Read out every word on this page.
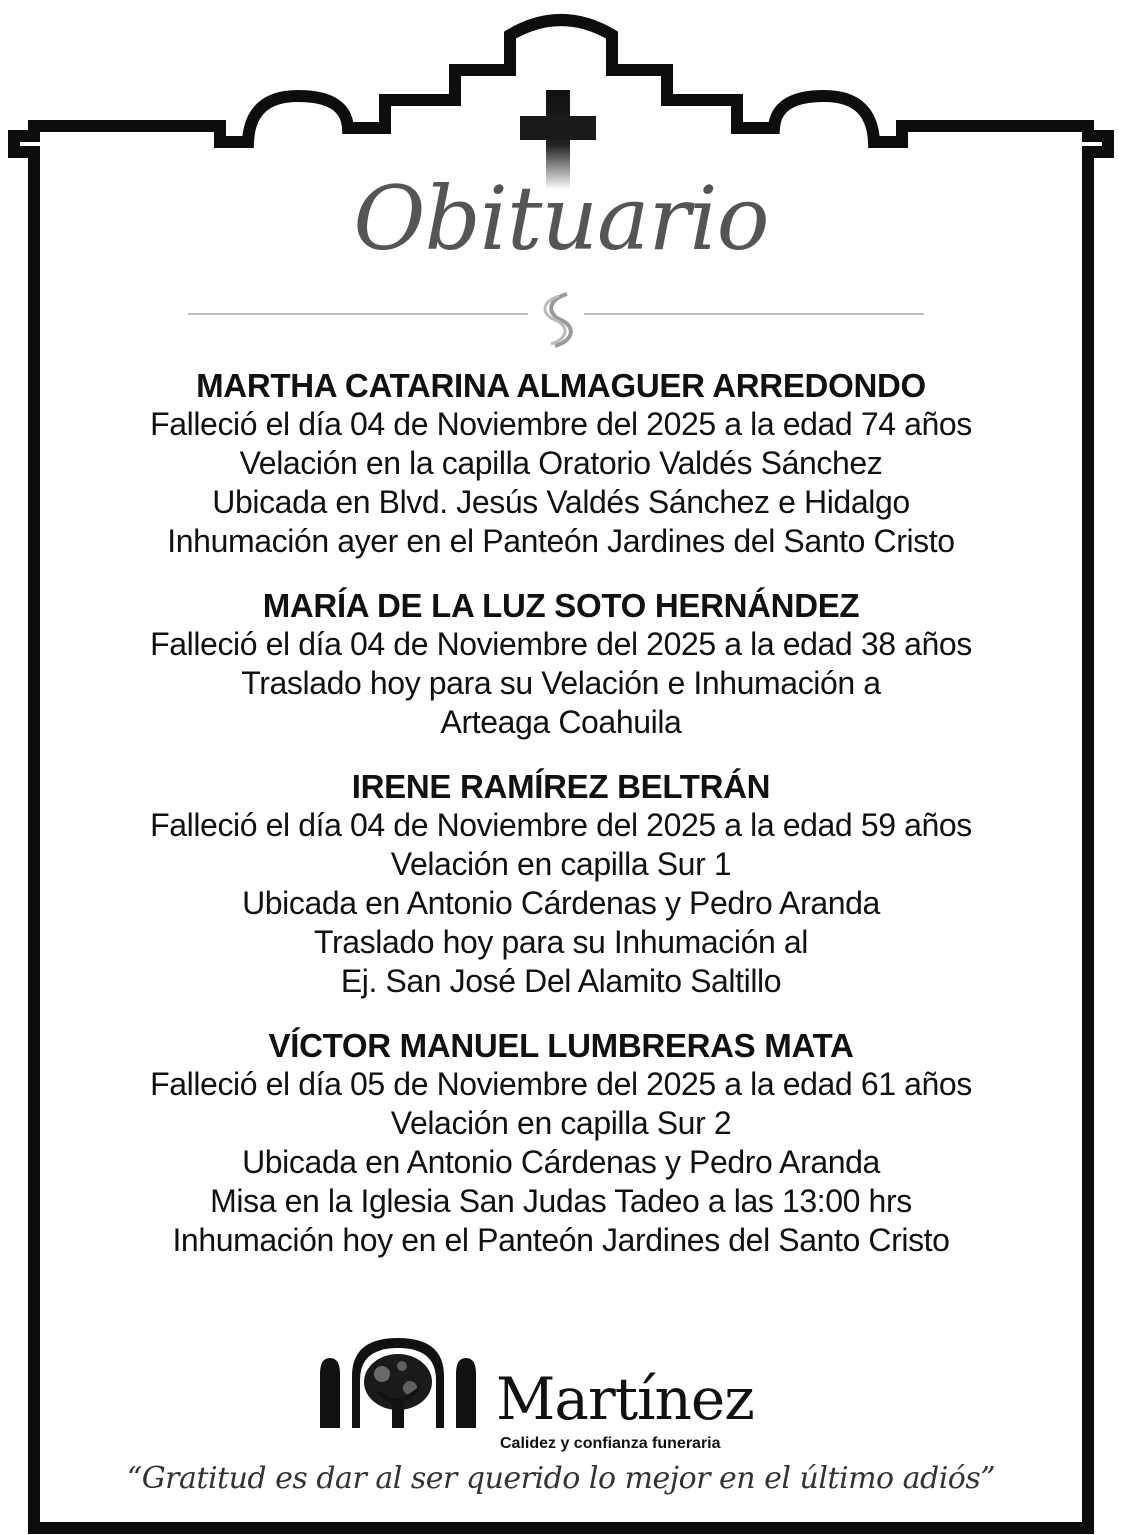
Obituario
MARTHA CATARINA ALMAGUER ARREDONDO
Falleció el día 04 de Noviembre del 2025 a la edad 74 años
Velación en la capilla Oratorio Valdés Sánchez
Ubicada en Blvd. Jesús Valdés Sánchez e Hidalgo
Inhumación ayer en el Panteón Jardines del Santo Cristo
MARÍA DE LA LUZ SOTO HERNÁNDEZ
Falleció el día 04 de Noviembre del 2025 a la edad 38 años
Traslado hoy para su Velación e Inhumación a
Arteaga Coahuila
IRENE RAMÍREZ BELTRÁN
Falleció el día 04 de Noviembre del 2025 a la edad 59 años
Velación en capilla Sur 1
Ubicada en Antonio Cárdenas y Pedro Aranda
Traslado hoy para su Inhumación al
Ej. San José Del Alamito Saltillo
VÍCTOR MANUEL LUMBRERAS MATA
Falleció el día 05 de Noviembre del 2025 a la edad 61 años
Velación en capilla Sur 2
Ubicada en Antonio Cárdenas y Pedro Aranda
Misa en la Iglesia San Judas Tadeo a las 13:00 hrs
Inhumación hoy en el Panteón Jardines del Santo Cristo
Martínez
Calidez y confianza funeraria
“Gratitud es dar al ser querido lo mejor en el último adiós”
